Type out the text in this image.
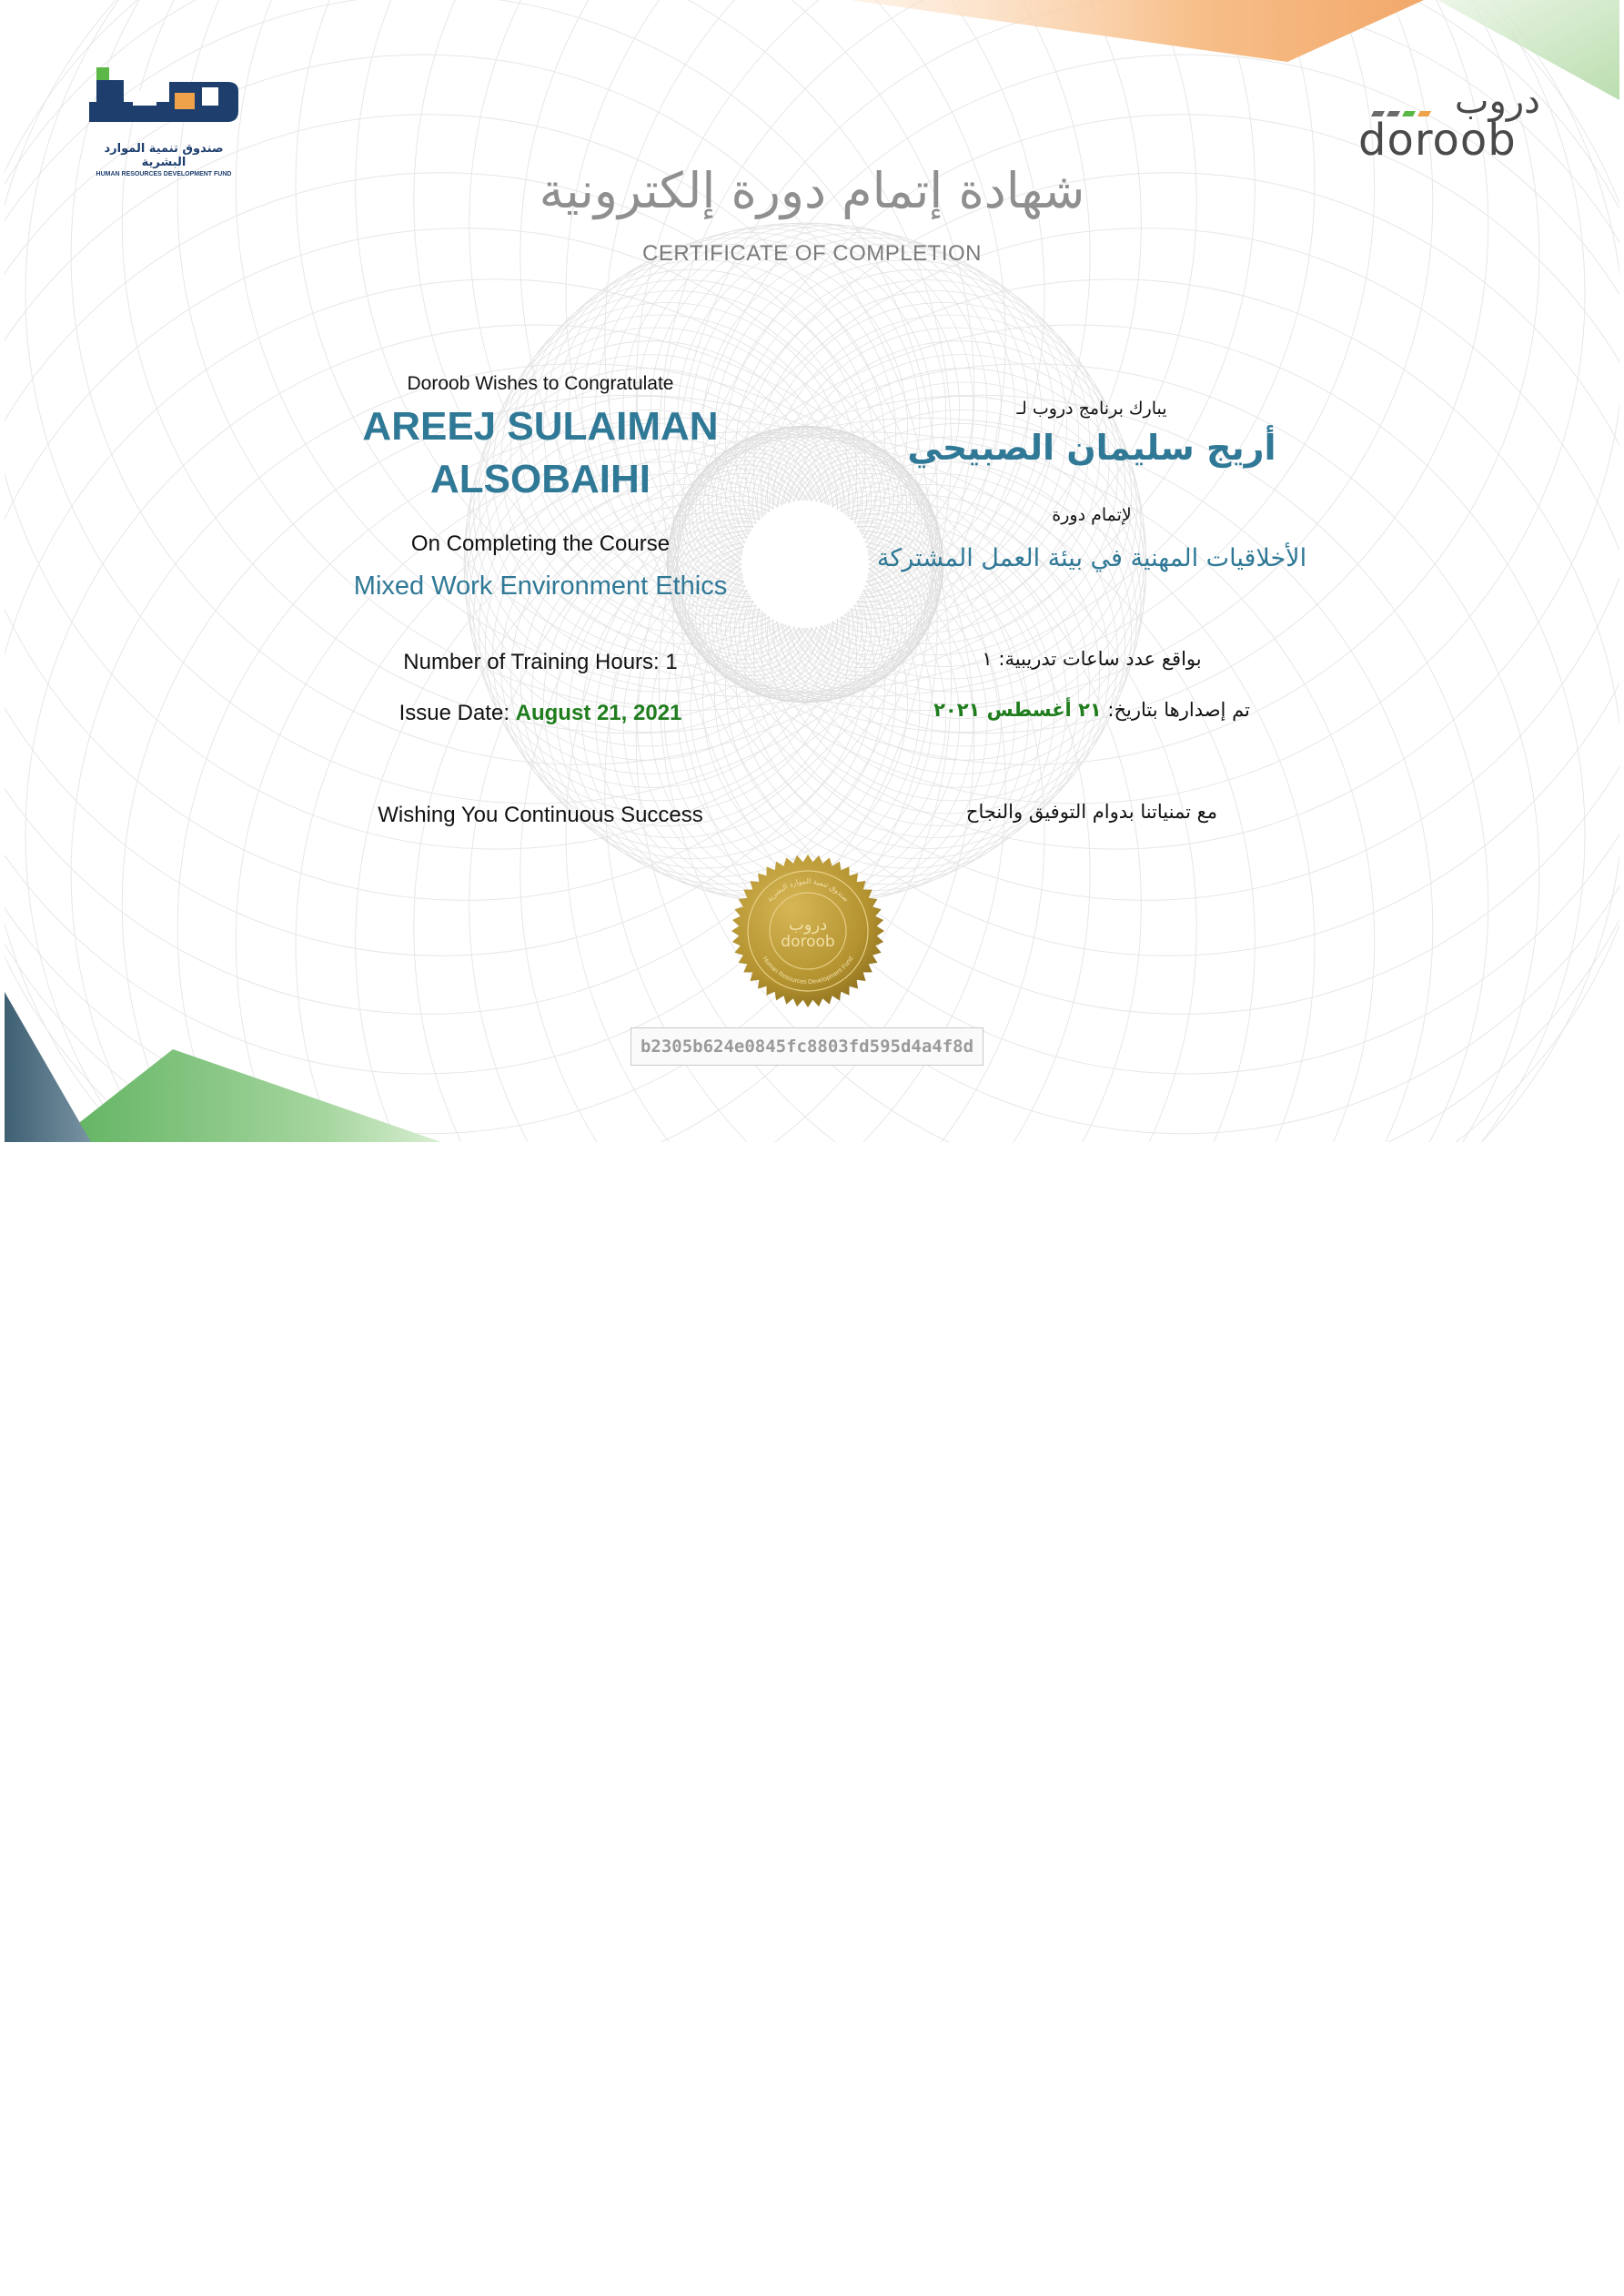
صندوق تنمية الموارد البشرية
HUMAN RESOURCES DEVELOPMENT FUND
دروب
doroob
شهادة إتمام دورة إلكترونية
CERTIFICATE OF COMPLETION
Doroob Wishes to Congratulate
AREEJ SULAIMAN
ALSOBAIHI
On Completing the Course
Mixed Work Environment Ethics
Number of Training Hours: 1
Issue Date: August 21, 2021
Wishing You Continuous Success
يبارك برنامج دروب لـ
أريج سليمان الصبيحي
لإتمام دورة
الأخلاقيات المهنية في بيئة العمل المشتركة
بواقع عدد ساعات تدريبية: ١
تم إصدارها بتاريخ: ٢١ أغسطس ٢٠٢١
مع تمنياتنا بدوام التوفيق والنجاح
صندوق تنمية الموارد البشرية
Human Resources Development Fund
دروب
doroob
b2305b624e0845fc8803fd595d4a4f8d
